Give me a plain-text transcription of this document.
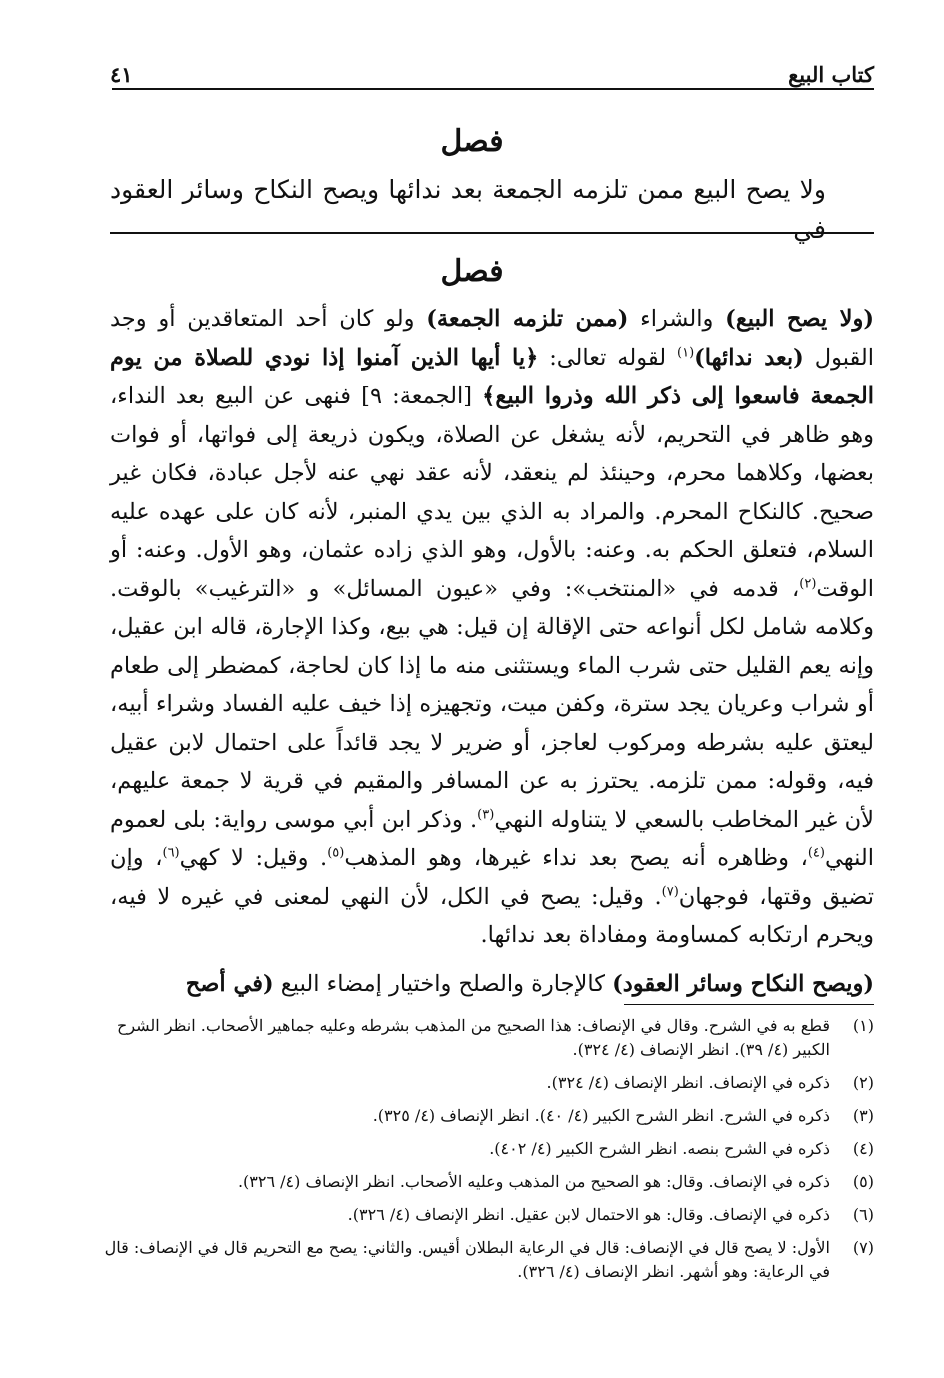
كتاب البيع
٤١
فصل
ولا يصح البيع ممن تلزمه الجمعة بعد ندائها ويصح النكاح وسائر العقود في
فصل

(ولا يصح البيع) والشراء (ممن تلزمه الجمعة) ولو كان أحد المتعاقدين أو وجد القبول (بعد ندائها)$^{(١)}$ لقوله تعالى: ﴿يا أيها الذين آمنوا إذا نودي للصلاة من يوم الجمعة فاسعوا إلى ذكر الله وذروا البيع﴾ [الجمعة: ٩] فنهى عن البيع بعد النداء، وهو ظاهر في التحريم، لأنه يشغل عن الصلاة، ويكون ذريعة إلى فواتها، أو فوات بعضها، وكلاهما محرم، وحينئذ لم ينعقد، لأنه عقد نهي عنه لأجل عبادة، فكان غير صحيح. كالنكاح المحرم. والمراد به الذي بين يدي المنبر، لأنه كان على عهده عليه السلام، فتعلق الحكم به. وعنه: بالأول، وهو الذي زاده عثمان، وهو الأول. وعنه: أو الوقت$^{(٢)}$، قدمه في «المنتخب»: وفي «عيون المسائل» و «الترغيب» بالوقت. وكلامه شامل لكل أنواعه حتى الإقالة إن قيل: هي بيع، وكذا الإجارة، قاله ابن عقيل، وإنه يعم القليل حتى شرب الماء ويستثنى منه ما إذا كان لحاجة، كمضطر إلى طعام أو شراب وعريان يجد سترة، وكفن ميت، وتجهيزه إذا خيف عليه الفساد وشراء أبيه، ليعتق عليه بشرطه ومركوب لعاجز، أو ضرير لا يجد قائداً على احتمال لابن عقيل فيه، وقوله: ممن تلزمه. يحترز به عن المسافر والمقيم في قرية لا جمعة عليهم، لأن غير المخاطب بالسعي لا يتناوله النهي$^{(٣)}$. وذكر ابن أبي موسى رواية: بلى لعموم النهي$^{(٤)}$، وظاهره أنه يصح بعد نداء غيرها، وهو المذهب$^{(٥)}$. وقيل: لا كهي$^{(٦)}$، وإن تضيق وقتها، فوجهان$^{(٧)}$. وقيل: يصح في الكل، لأن النهي لمعنى في غيره لا فيه، ويحرم ارتكابه كمساومة ومفاداة بعد ندائها.

(ويصح النكاح وسائر العقود) كالإجارة والصلح واختيار إمضاء البيع (في أصح

(١)
قطع به في الشرح. وقال في الإنصاف: هذا الصحيح من المذهب بشرطه وعليه جماهير الأصحاب. انظر الشرح الكبير (٤/ ٣٩). انظر الإنصاف (٤/ ٣٢٤).
(٢)
ذكره في الإنصاف. انظر الإنصاف (٤/ ٣٢٤).
(٣)
ذكره في الشرح. انظر الشرح الكبير (٤/ ٤٠). انظر الإنصاف (٤/ ٣٢٥).
(٤)
ذكره في الشرح بنصه. انظر الشرح الكبير (٤/ ٤٠٢).
(٥)
ذكره في الإنصاف. وقال: هو الصحيح من المذهب وعليه الأصحاب. انظر الإنصاف (٤/ ٣٢٦).
(٦)
ذكره في الإنصاف. وقال: هو الاحتمال لابن عقيل. انظر الإنصاف (٤/ ٣٢٦).
(٧)
الأول: لا يصح قال في الإنصاف: قال في الرعاية البطلان أقيس. والثاني: يصح مع التحريم قال في الإنصاف: قال في الرعاية: وهو أشهر. انظر الإنصاف (٤/ ٣٢٦).
